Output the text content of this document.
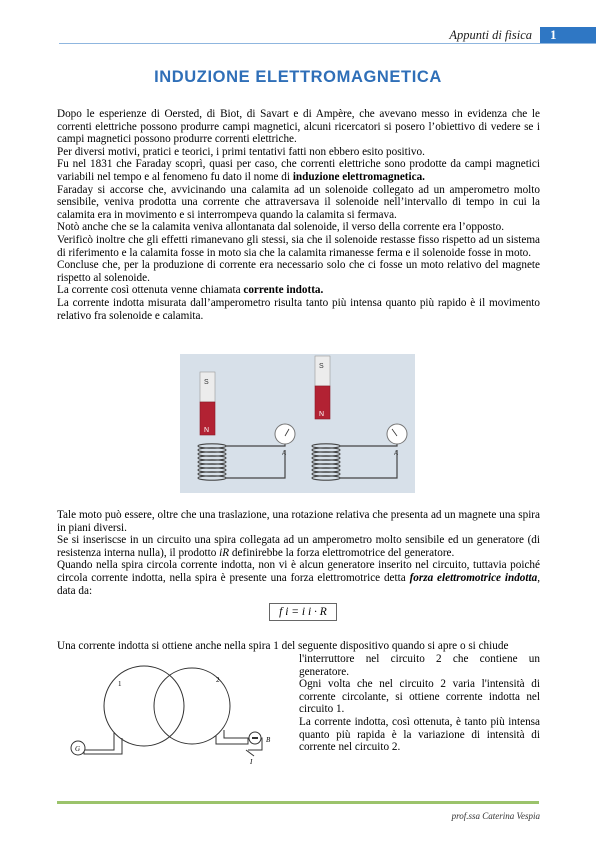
Appunti di fisica	1
INDUZIONE ELETTROMAGNETICA

Dopo le esperienze di Oersted, di Biot, di Savart e di Ampère, che avevano messo in evidenza che le correnti elettriche possono produrre campi magnetici, alcuni ricercatori si posero l’obiettivo di vedere se i campi magnetici possono produrre correnti elettriche.

Per diversi motivi, pratici e teorici, i primi tentativi fatti non ebbero esito positivo.

Fu nel 1831 che Faraday scoprì, quasi per caso, che correnti elettriche sono prodotte da campi magnetici variabili nel tempo e al fenomeno fu dato il nome di induzione elettromagnetica.

Faraday si accorse che, avvicinando una calamita ad un solenoide collegato ad un amperometro molto sensibile, veniva prodotta una corrente che attraversava il solenoide nell’intervallo di tempo in cui la calamita era in movimento e si interrompeva quando la calamita si fermava.

Notò anche che se la calamita veniva allontanata dal solenoide, il verso della corrente era l’opposto.

Verificò inoltre che gli effetti rimanevano gli stessi, sia che il solenoide restasse fisso rispetto ad un sistema di riferimento e la calamita fosse in moto sia che la calamita rimanesse ferma e il solenoide fosse in moto.

Concluse che, per la produzione di corrente era necessario solo che ci fosse un moto relativo del magnete rispetto al solenoide.

La corrente così ottenuta venne chiamata corrente indotta.

La corrente indotta misurata dall’amperometro risulta tanto più intensa quanto più rapido è il movimento relativo fra solenoide e calamita.

S
N
A
S
N
A

Tale moto può essere, oltre che una traslazione, una rotazione relativa che presenta ad un magnete una spira in piani diversi.

Se si inseriscse in un circuito una spira collegata ad un amperometro molto sensibile ed un generatore (di resistenza interna nulla), il prodotto iR definirebbe la forza elettromotrice del generatore.

Quando nella spira circola corrente indotta, non vi è alcun generatore inserito nel circuito, tuttavia poiché circola corrente indotta, nella spira è presente una forza elettromotrice detta forza elettromotrice indotta, data da:

f i = i i · R

Una corrente indotta si ottiene anche nella spira 1 del seguente dispositivo quando si apre o si chiude

G
1	2
B
I

l'interruttore nel circuito 2 che contiene un generatore.

Ogni volta che nel circuito 2 varia l'intensità di corrente circolante, si ottiene corrente indotta nel circuito 1.

La corrente indotta, così ottenuta, è tanto più intensa quanto più rapida è la variazione di intensità di corrente nel circuito 2.

prof.ssa Caterina Vespia
